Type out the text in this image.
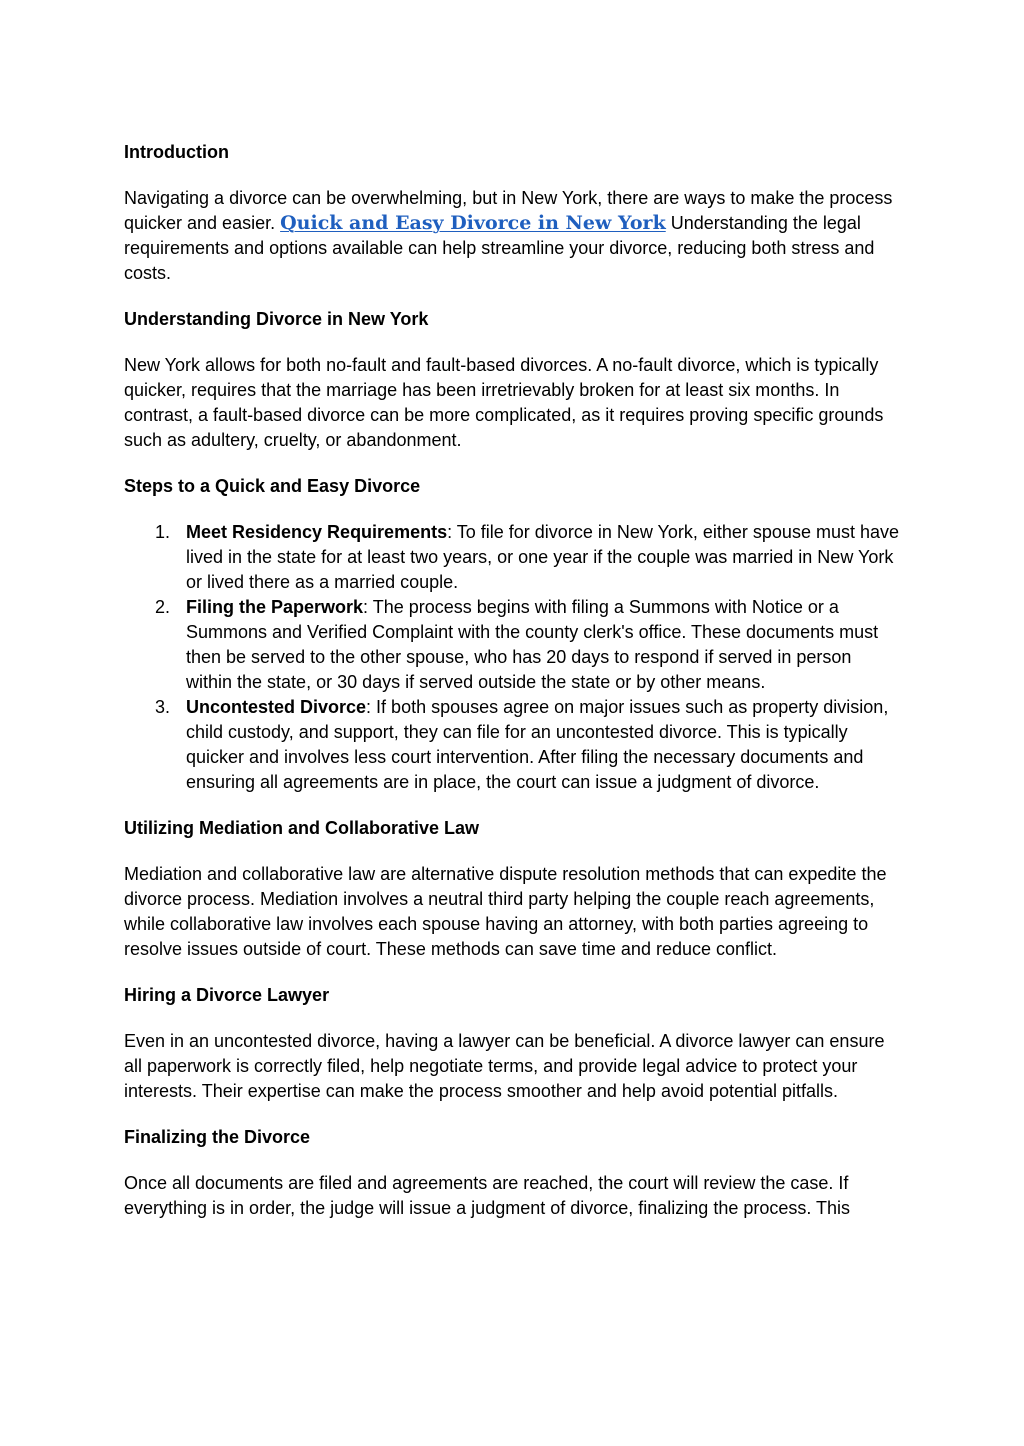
Introduction
Navigating a divorce can be overwhelming, but in New York, there are ways to make the process quicker and easier. Quick and Easy Divorce in New York Understanding the legal requirements and options available can help streamline your divorce, reducing both stress and costs.
Understanding Divorce in New York
New York allows for both no-fault and fault-based divorces. A no-fault divorce, which is typically quicker, requires that the marriage has been irretrievably broken for at least six months. In contrast, a fault-based divorce can be more complicated, as it requires proving specific grounds such as adultery, cruelty, or abandonment.
Steps to a Quick and Easy Divorce
1. Meet Residency Requirements: To file for divorce in New York, either spouse must have lived in the state for at least two years, or one year if the couple was married in New York or lived there as a married couple.
2. Filing the Paperwork: The process begins with filing a Summons with Notice or a Summons and Verified Complaint with the county clerk's office. These documents must then be served to the other spouse, who has 20 days to respond if served in person within the state, or 30 days if served outside the state or by other means.
3. Uncontested Divorce: If both spouses agree on major issues such as property division, child custody, and support, they can file for an uncontested divorce. This is typically quicker and involves less court intervention. After filing the necessary documents and ensuring all agreements are in place, the court can issue a judgment of divorce.
Utilizing Mediation and Collaborative Law
Mediation and collaborative law are alternative dispute resolution methods that can expedite the divorce process. Mediation involves a neutral third party helping the couple reach agreements, while collaborative law involves each spouse having an attorney, with both parties agreeing to resolve issues outside of court. These methods can save time and reduce conflict.
Hiring a Divorce Lawyer
Even in an uncontested divorce, having a lawyer can be beneficial. A divorce lawyer can ensure all paperwork is correctly filed, help negotiate terms, and provide legal advice to protect your interests. Their expertise can make the process smoother and help avoid potential pitfalls.
Finalizing the Divorce
Once all documents are filed and agreements are reached, the court will review the case. If everything is in order, the judge will issue a judgment of divorce, finalizing the process. This
